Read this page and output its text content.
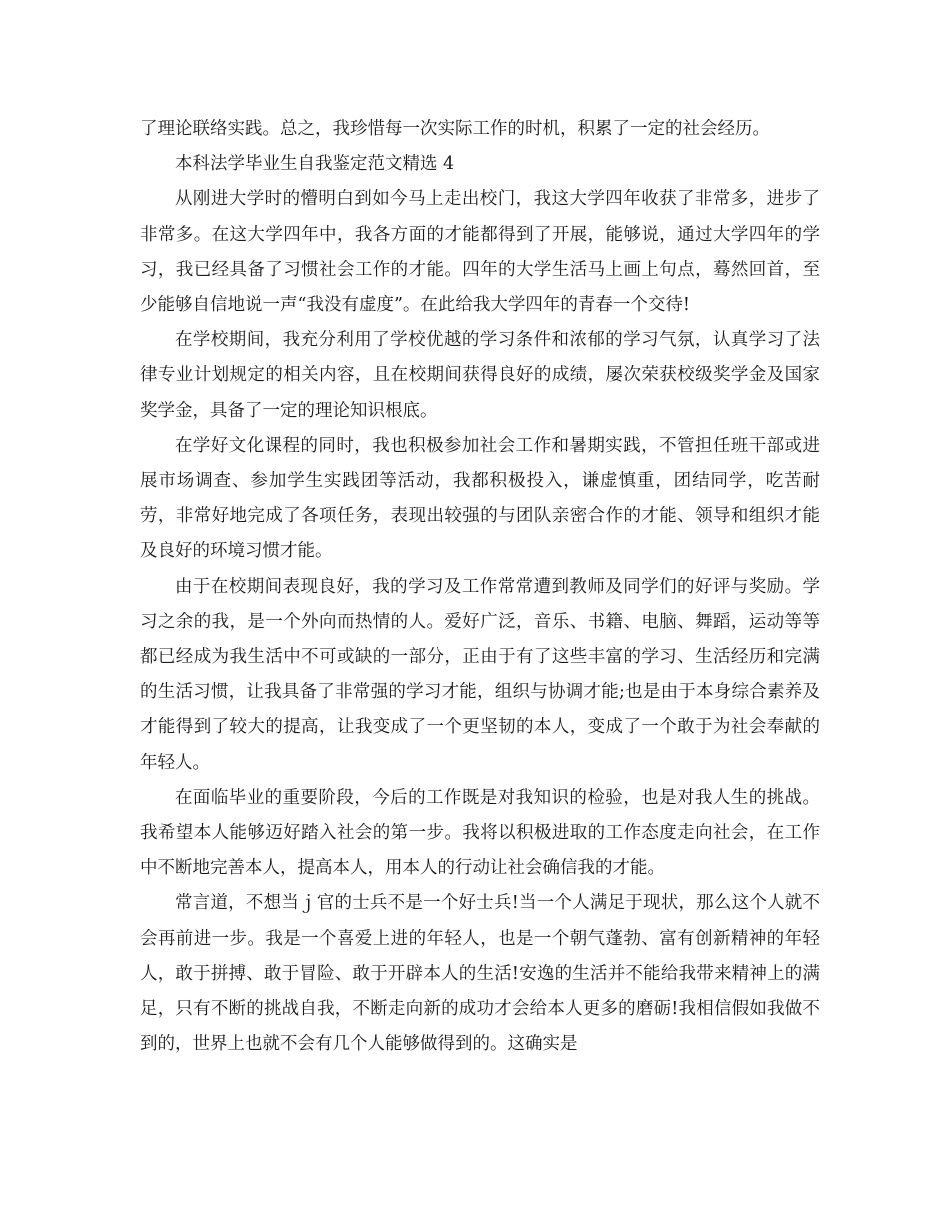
了理论联络实践。总之，我珍惜每一次实际工作的时机，积累了一定的社会经历。

本科法学毕业生自我鉴定范文精选 4

从刚进大学时的懵明白到如今马上走出校门，我这大学四年收获了非常多，进步了非常多。在这大学四年中，我各方面的才能都得到了开展，能够说，通过大学四年的学习，我已经具备了习惯社会工作的才能。四年的大学生活马上画上句点，蓦然回首，至少能够自信地说一声“我没有虚度”。在此给我大学四年的青春一个交待!

在学校期间，我充分利用了学校优越的学习条件和浓郁的学习气氛，认真学习了法律专业计划规定的相关内容，且在校期间获得良好的成绩，屡次荣获校级奖学金及国家奖学金，具备了一定的理论知识根底。

在学好文化课程的同时，我也积极参加社会工作和暑期实践，不管担任班干部或进展市场调查、参加学生实践团等活动，我都积极投入，谦虚慎重，团结同学，吃苦耐劳，非常好地完成了各项任务，表现出较强的与团队亲密合作的才能、领导和组织才能及良好的环境习惯才能。

由于在校期间表现良好，我的学习及工作常常遭到教师及同学们的好评与奖励。学习之余的我，是一个外向而热情的人。爱好广泛，音乐、书籍、电脑、舞蹈，运动等等都已经成为我生活中不可或缺的一部分，正由于有了这些丰富的学习、生活经历和完满的生活习惯，让我具备了非常强的学习才能，组织与协调才能;也是由于本身综合素养及才能得到了较大的提高，让我变成了一个更坚韧的本人，变成了一个敢于为社会奉献的年轻人。

在面临毕业的重要阶段，今后的工作既是对我知识的检验，也是对我人生的挑战。我希望本人能够迈好踏入社会的第一步。我将以积极进取的工作态度走向社会，在工作中不断地完善本人，提高本人，用本人的行动让社会确信我的才能。

常言道，不想当ｊ官的士兵不是一个好士兵!当一个人满足于现状，那么这个人就不会再前进一步。我是一个喜爱上进的年轻人，也是一个朝气蓬勃、富有创新精神的年轻人，敢于拼搏、敢于冒险、敢于开辟本人的生活!安逸的生活并不能给我带来精神上的满足，只有不断的挑战自我，不断走向新的成功才会给本人更多的磨砺!我相信假如我做不到的，世界上也就不会有几个人能够做得到的。这确实是
